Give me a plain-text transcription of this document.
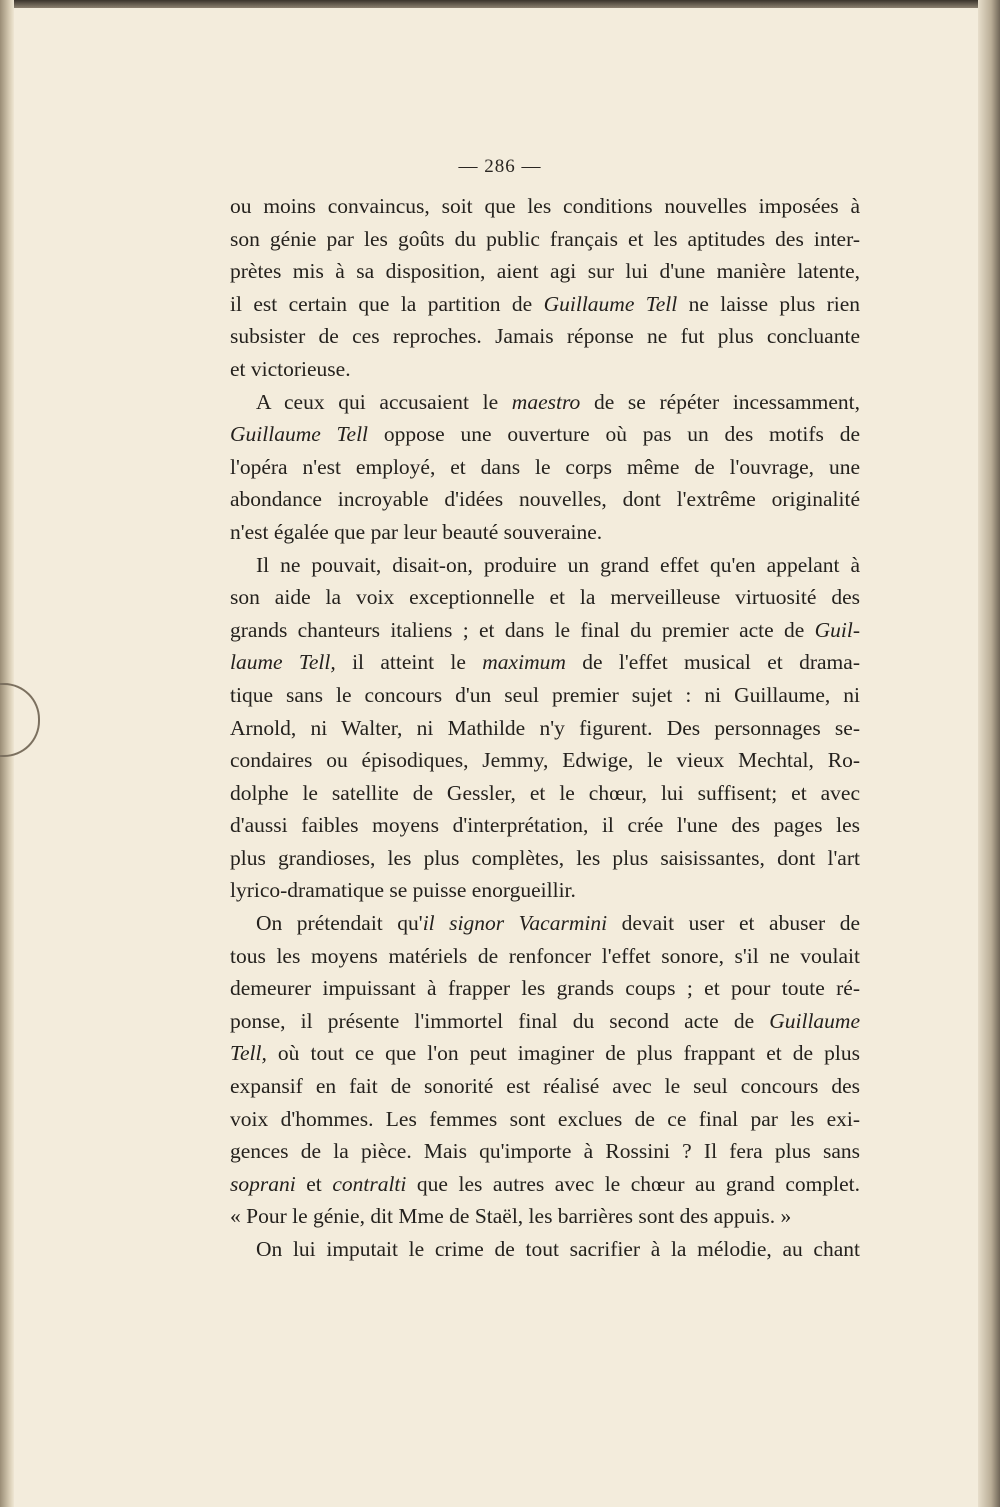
— 286 —
ou moins convaincus, soit que les conditions nouvelles imposées à
son génie par les goûts du public français et les aptitudes des inter-
prètes mis à sa disposition, aient agi sur lui d'une manière latente,
il est certain que la partition de Guillaume Tell ne laisse plus rien
subsister de ces reproches. Jamais réponse ne fut plus concluante
et victorieuse.
A ceux qui accusaient le maestro de se répéter incessamment,
Guillaume Tell oppose une ouverture où pas un des motifs de
l'opéra n'est employé, et dans le corps même de l'ouvrage, une
abondance incroyable d'idées nouvelles, dont l'extrême originalité
n'est égalée que par leur beauté souveraine.
Il ne pouvait, disait-on, produire un grand effet qu'en appelant à
son aide la voix exceptionnelle et la merveilleuse virtuosité des
grands chanteurs italiens ; et dans le final du premier acte de Guil-
laume Tell, il atteint le maximum de l'effet musical et drama-
tique sans le concours d'un seul premier sujet : ni Guillaume, ni
Arnold, ni Walter, ni Mathilde n'y figurent. Des personnages se-
condaires ou épisodiques, Jemmy, Edwige, le vieux Mechtal, Ro-
dolphe le satellite de Gessler, et le chœur, lui suffisent; et avec
d'aussi faibles moyens d'interprétation, il crée l'une des pages les
plus grandioses, les plus complètes, les plus saisissantes, dont l'art
lyrico-dramatique se puisse enorgueillir.
On prétendait qu'il signor Vacarmini devait user et abuser de
tous les moyens matériels de renfoncer l'effet sonore, s'il ne voulait
demeurer impuissant à frapper les grands coups ; et pour toute ré-
ponse, il présente l'immortel final du second acte de Guillaume
Tell, où tout ce que l'on peut imaginer de plus frappant et de plus
expansif en fait de sonorité est réalisé avec le seul concours des
voix d'hommes. Les femmes sont exclues de ce final par les exi-
gences de la pièce. Mais qu'importe à Rossini ? Il fera plus sans
soprani et contralti que les autres avec le chœur au grand complet.
« Pour le génie, dit Mme de Staël, les barrières sont des appuis. »
On lui imputait le crime de tout sacrifier à la mélodie, au chant
